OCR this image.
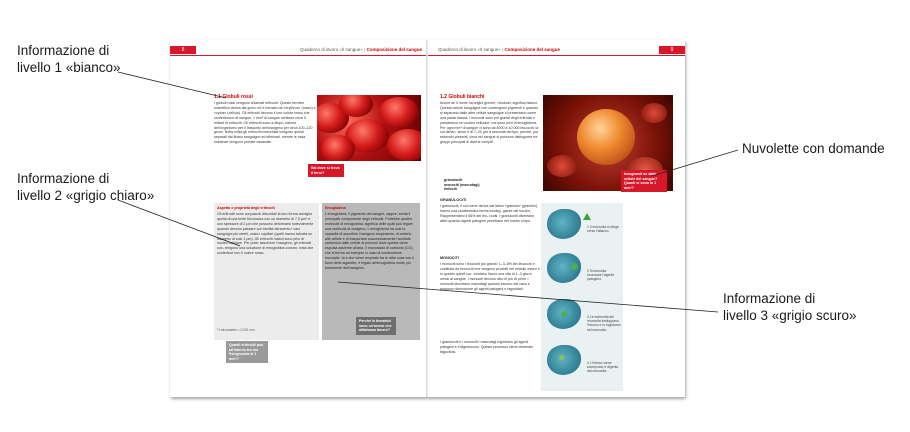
8	Quaderno di lavoro «Il sangue» | Composizione del sangue
1.1 Globuli rossi
I globuli rossi vengono chiamati eritrociti. Questo termine scientifico deriva dal greco ed è formato da «erythros» (rosso) e «cytos» (cellula). Gli eritrociti devono il loro colore rosso che conferiscono al sangue, 1 mm³ di sangue contiene circa 5 milioni di eritrociti. Gli eritrociti sono a dispo- sizione dell'organismo per il trasporto dell'ossigeno per circa 100–120 giorni. Nella milza gli eritrociti invecchiati vengono quindi separati dal flusso sanguigno ed eliminati, mentre le ossa sostanze vengono portate ossanate.
Sai dove si trova il ferro?
Aspetto e proprietà degli eritrociti
Gli eritrociti sono corpuscoli discoidali la loro forma somiglia quella di una lente biconcava con un diametro di 7,5 µm* e uno spessore di 2 µm che possono deformarsi notevolmente quando devono passare con facilità attraverso i vasi sanguigni più stretti, ossia i capillari (quelli hanno talvolta un diametro di solo 1 µm). Gli eritrociti maturi sono privi di nucleo cellulare. Per poter assolvere l'ossigeno, gli eritrociti con- tengono una soluzione di emoglobina concen- trata che conferisce loro il colore rosso.
*1 micrometro = 0,001 mm
Emoglobina
L'emoglobina, il pigmento del sangue, rappre- senta il principale componente degli eritrociti. Potrebbe quattro molecole di emoglobina, significa delle quali può legare una molecola di ossigeno. L'emoglobina ha così la capacità di assorbire l'ossigeno respiratorio, di cederlo alle cellule e di trasportare successivamente l'anidride carbonica dalle cellule ai polmoni dove questa viene espulsa assieme all'aria. Il monossido di carbonio (CO), che si forma ad esempio in caso di combustione incomple- ta e che viene respirato fra le altre cose con il fumo delle sigarette, è legato all'emoglobina molto più fortemente dell'ossigeno.
Quanti eritrociti può all'interno tra tuo fisiognomia di 1 mm³?
Perché le fumatrici sono un'acrosi che affaticano favore?
9
Quaderno di lavoro «Il sangue» | Composizione del sangue
1.2 Globuli bianchi
Anche se il nome ha origini greche, «leukos» significa bianco. Questa cellule sanguigne non contengono pigmenti e quando si separano dalle altre cellule sanguigne si presentano come una pasta bianca. I leucociti sono più grandi degli eritrociti e possiedono un nucleo cellulare, ma sono privi di emoglobina. Per ogni mm³ di sangue vi sono da 4000 a 10 000 leucociti, la cui dimen- sione è di 7–20 µm a seconda del tipo, perché, pur essendo presenti, circa nel sangue si possono distinguere tre gruppi principali di diversi compiti:
granulociti
monociti (macrofagi)
linfociti
Insegnanti no dalle cellule del sangue? Quanti ci sono in 1 mm³?
GRANULOCITI
I granulociti, il cui nome deriva dal latino «granulo» (granello), hanno una caratteristica forma tondeg- giante del nucleo. Rappresentano il 65% dei leu- cociti. I granulociti diventano attivi quando agenti patogeni penetrano nel nostro corpo.
MONOCITI
I monociti sono i leucociti più grandi: 1–3–8% dei leucociti e costituita da monociti che vengono prodotti nel midollo osseo e in questo quindi cor- ciriolano l'anno una vita di 1–3 giorni ormai al sangue. I monociti devono dico le più di primi. I monociti diventano macrofagi quando escono dal vaso e possono riconoscere gli agenti patogeni e fagocitarli.
I granulociti e i monociti / macrofagi inglobano gli agenti patogeni e li digeriscono. Queste processo viene chiamato fagocitosi.
1 Il monocita si dirige verso l'attacco.
2 Il monocita riconosce l'agente patogeno.
3 Le estremità del monocita inviluppano l'intruso e lo inglobano nel monocito.
4 L'intruso viene scomposto e digerito dal monocita.
Informazione di
livello 1 «bianco»
Informazione di
livello 2 «grigio chiaro»
Informazione di
livello 3 «grigio scuro»
Nuvolette con domande
